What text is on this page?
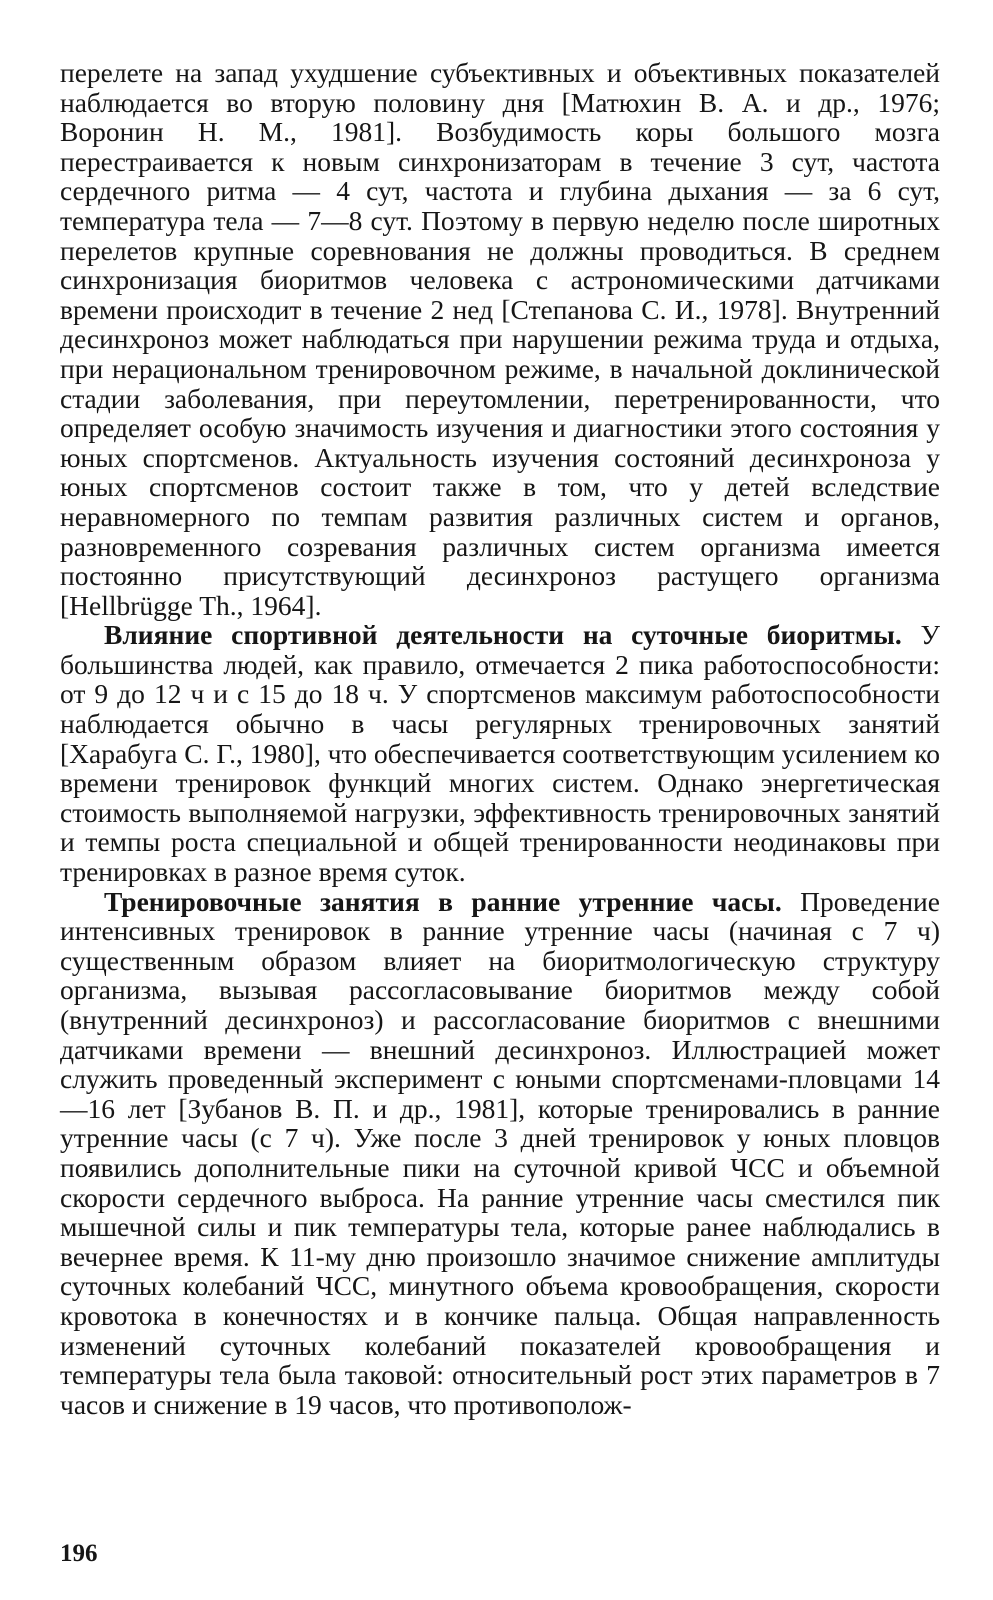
перелете на запад ухудшение субъективных и объективных показателей наблюдается во вторую половину дня [Матюхин В. А. и др., 1976; Воронин Н. М., 1981]. Возбудимость коры большого мозга перестраивается к новым синхронизаторам в течение 3 сут, частота сердечного ритма — 4 сут, частота и глубина дыхания — за 6 сут, температура тела — 7—8 сут. Поэтому в первую неделю после широтных перелетов крупные соревнования не должны проводиться. В среднем синхронизация биоритмов человека с астрономическими датчиками времени происходит в течение 2 нед [Степанова С. И., 1978]. Внутренний десинхроноз может наблюдаться при нарушении режима труда и отдыха, при нерациональном тренировочном режиме, в начальной доклинической стадии заболевания, при переутомлении, перетренированности, что определяет особую значимость изучения и диагностики этого состояния у юных спортсменов. Актуальность изучения состояний десинхроноза у юных спортсменов состоит также в том, что у детей вследствие неравномерного по темпам развития различных систем и органов, разновременного созревания различных систем организма имеется постоянно присутствующий десинхроноз растущего организма [Hellbrügge Th., 1964].

Влияние спортивной деятельности на суточные биоритмы. У большинства людей, как правило, отмечается 2 пика работоспособности: от 9 до 12 ч и с 15 до 18 ч. У спортсменов максимум работоспособности наблюдается обычно в часы регулярных тренировочных занятий [Харабуга С. Г., 1980], что обеспечивается соответствующим усилением ко времени тренировок функций многих систем. Однако энергетическая стоимость выполняемой нагрузки, эффективность тренировочных занятий и темпы роста специальной и общей тренированности неодинаковы при тренировках в разное время суток.

Тренировочные занятия в ранние утренние часы. Проведение интенсивных тренировок в ранние утренние часы (начиная с 7 ч) существенным образом влияет на биоритмологическую структуру организма, вызывая рассогласовывание биоритмов между собой (внутренний десинхроноз) и рассогласование биоритмов с внешними датчиками времени — внешний десинхроноз. Иллюстрацией может служить проведенный эксперимент с юными спортсменами-пловцами 14—16 лет [Зубанов В. П. и др., 1981], которые тренировались в ранние утренние часы (с 7 ч). Уже после 3 дней тренировок у юных пловцов появились дополнительные пики на суточной кривой ЧСС и объемной скорости сердечного выброса. На ранние утренние часы сместился пик мышечной силы и пик температуры тела, которые ранее наблюдались в вечернее время. К 11-му дню произошло значимое снижение амплитуды суточных колебаний ЧСС, минутного объема кровообращения, скорости кровотока в конечностях и в кончике пальца. Общая направленность изменений суточных колебаний показателей кровообращения и температуры тела была таковой: относительный рост этих параметров в 7 часов и снижение в 19 часов, что противополож-

196
